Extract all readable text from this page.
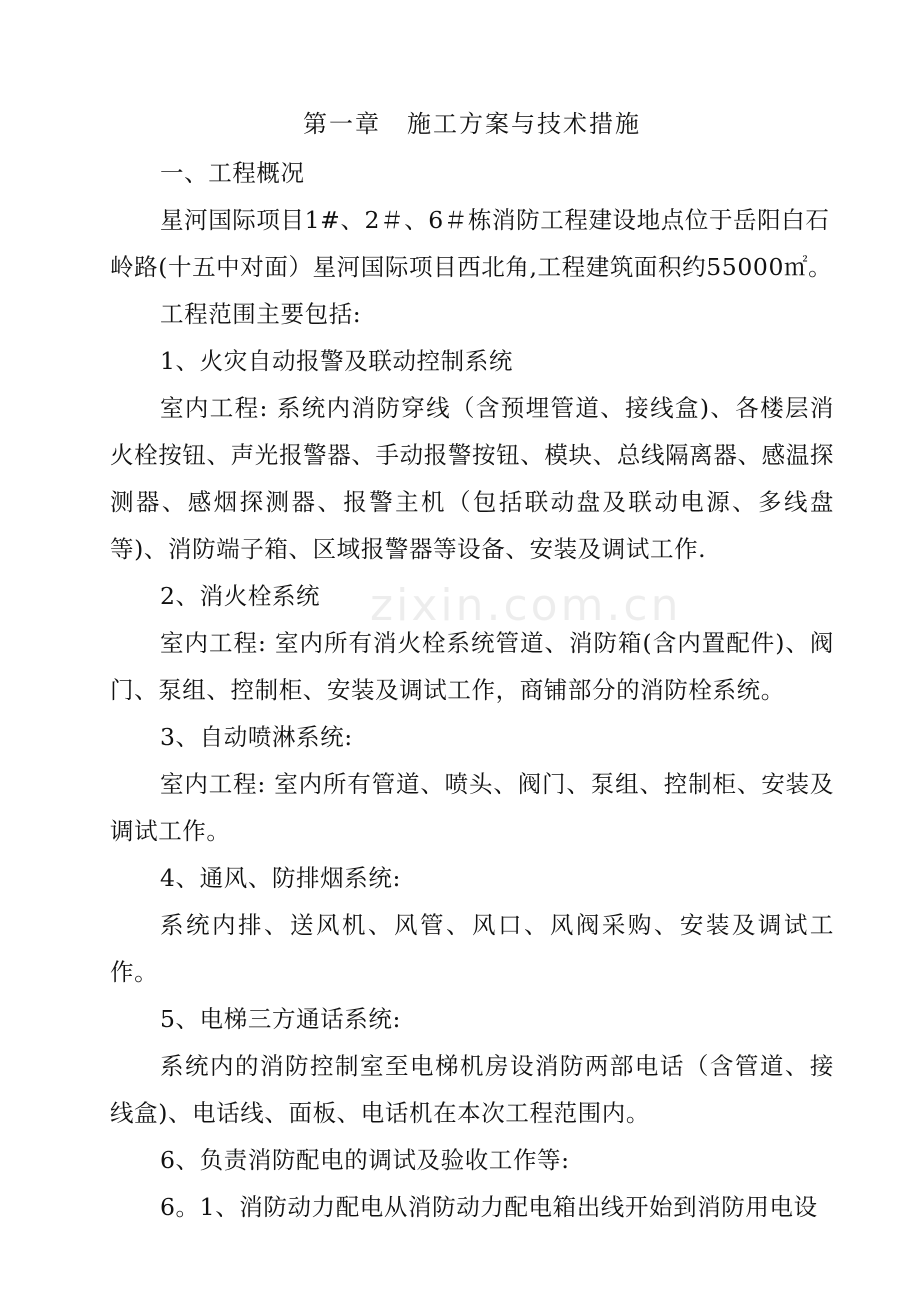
第一章　施工方案与技术措施

一、工程概况

星河国际项目1#、2＃、6＃栋消防工程建设地点位于岳阳白石

岭路(十五中对面）星河国际项目西北角,工程建筑面积约55000㎡。

工程范围主要包括:

1、火灾自动报警及联动控制系统

室内工程: 系统内消防穿线（含预埋管道、接线盒)、各楼层消火栓按钮、声光报警器、手动报警按钮、模块、总线隔离器、感温探测器、感烟探测器、报警主机（包括联动盘及联动电源、多线盘等)、消防端子箱、区域报警器等设备、安装及调试工作.

2、消火栓系统

室内工程: 室内所有消火栓系统管道、消防箱(含内置配件)、阀门、泵组、控制柜、安装及调试工作，商铺部分的消防栓系统。

3、自动喷淋系统:

室内工程: 室内所有管道、喷头、阀门、泵组、控制柜、安装及调试工作。

4、通风、防排烟系统:

系统内排、送风机、风管、风口、风阀采购、安装及调试工作。

5、电梯三方通话系统:

系统内的消防控制室至电梯机房设消防两部电话（含管道、接线盒)、电话线、面板、电话机在本次工程范围内。

6、负责消防配电的调试及验收工作等:

6。1、消防动力配电从消防动力配电箱出线开始到消防用电设

zixin.com.cn
